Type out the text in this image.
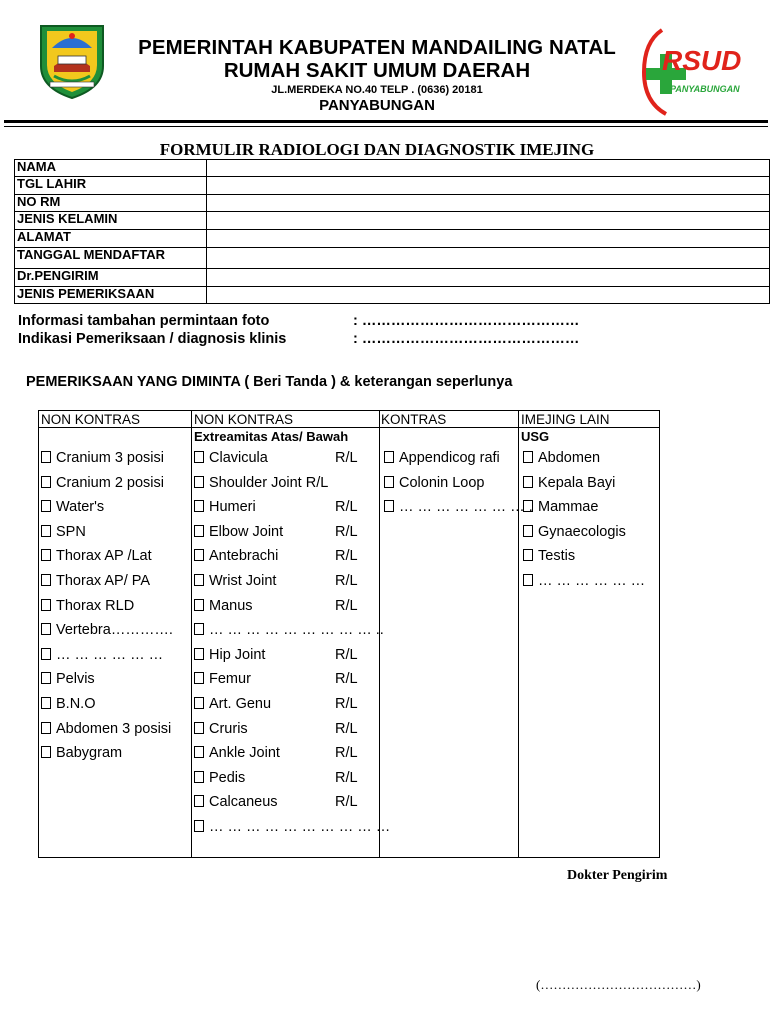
PEMERINTAH KABUPATEN MANDAILING NATAL
RUMAH SAKIT UMUM DAERAH
JL.MERDEKA NO.40 TELP . (0636) 20181
PANYABUNGAN
RSUD
PANYABUNGAN
FORMULIR RADIOLOGI DAN DIAGNOSTIK IMEJING
NAMA	
TGL LAHIR	
NO RM	
JENIS KELAMIN	
ALAMAT	
TANGGAL MENDAFTAR	
Dr.PENGIRIM	
JENIS PEMERIKSAAN	
Informasi tambahan permintaan foto	: ………………………………………
Indikasi Pemeriksaan / diagnosis klinis	: ………………………………………
PEMERIKSAAN YANG DIMINTA ( Beri Tanda ) & keterangan seperlunya
NON KONTRAS	NON KONTRAS	KONTRAS	IMEJING LAIN
Extreamitas Atas/ Bawah	USG
Cranium 3 posisi
Cranium 2 posisi
Water's
SPN
Thorax AP /Lat
Thorax AP/ PA
Thorax RLD
Vertebra………….
… … … … … …
Pelvis
B.N.O
Abdomen 3 posisi
Babygram
Clavicula	R/L
Shoulder Joint R/L
Humeri	R/L
Elbow Joint	R/L
Antebrachi	R/L
Wrist Joint	R/L
Manus	R/L
… … … … … … … … … ..
Hip Joint	R/L
Femur	R/L
Art. Genu	R/L
Cruris	R/L
Ankle Joint	R/L
Pedis	R/L
Calcaneus	R/L
… … … … … … … … … …
Appendicog rafi
Colonin Loop
… … … … … … … .
Abdomen
Kepala Bayi
Mammae
Gynaecologis
Testis
… … … … … …
Dokter Pengirim
(………………………………)
